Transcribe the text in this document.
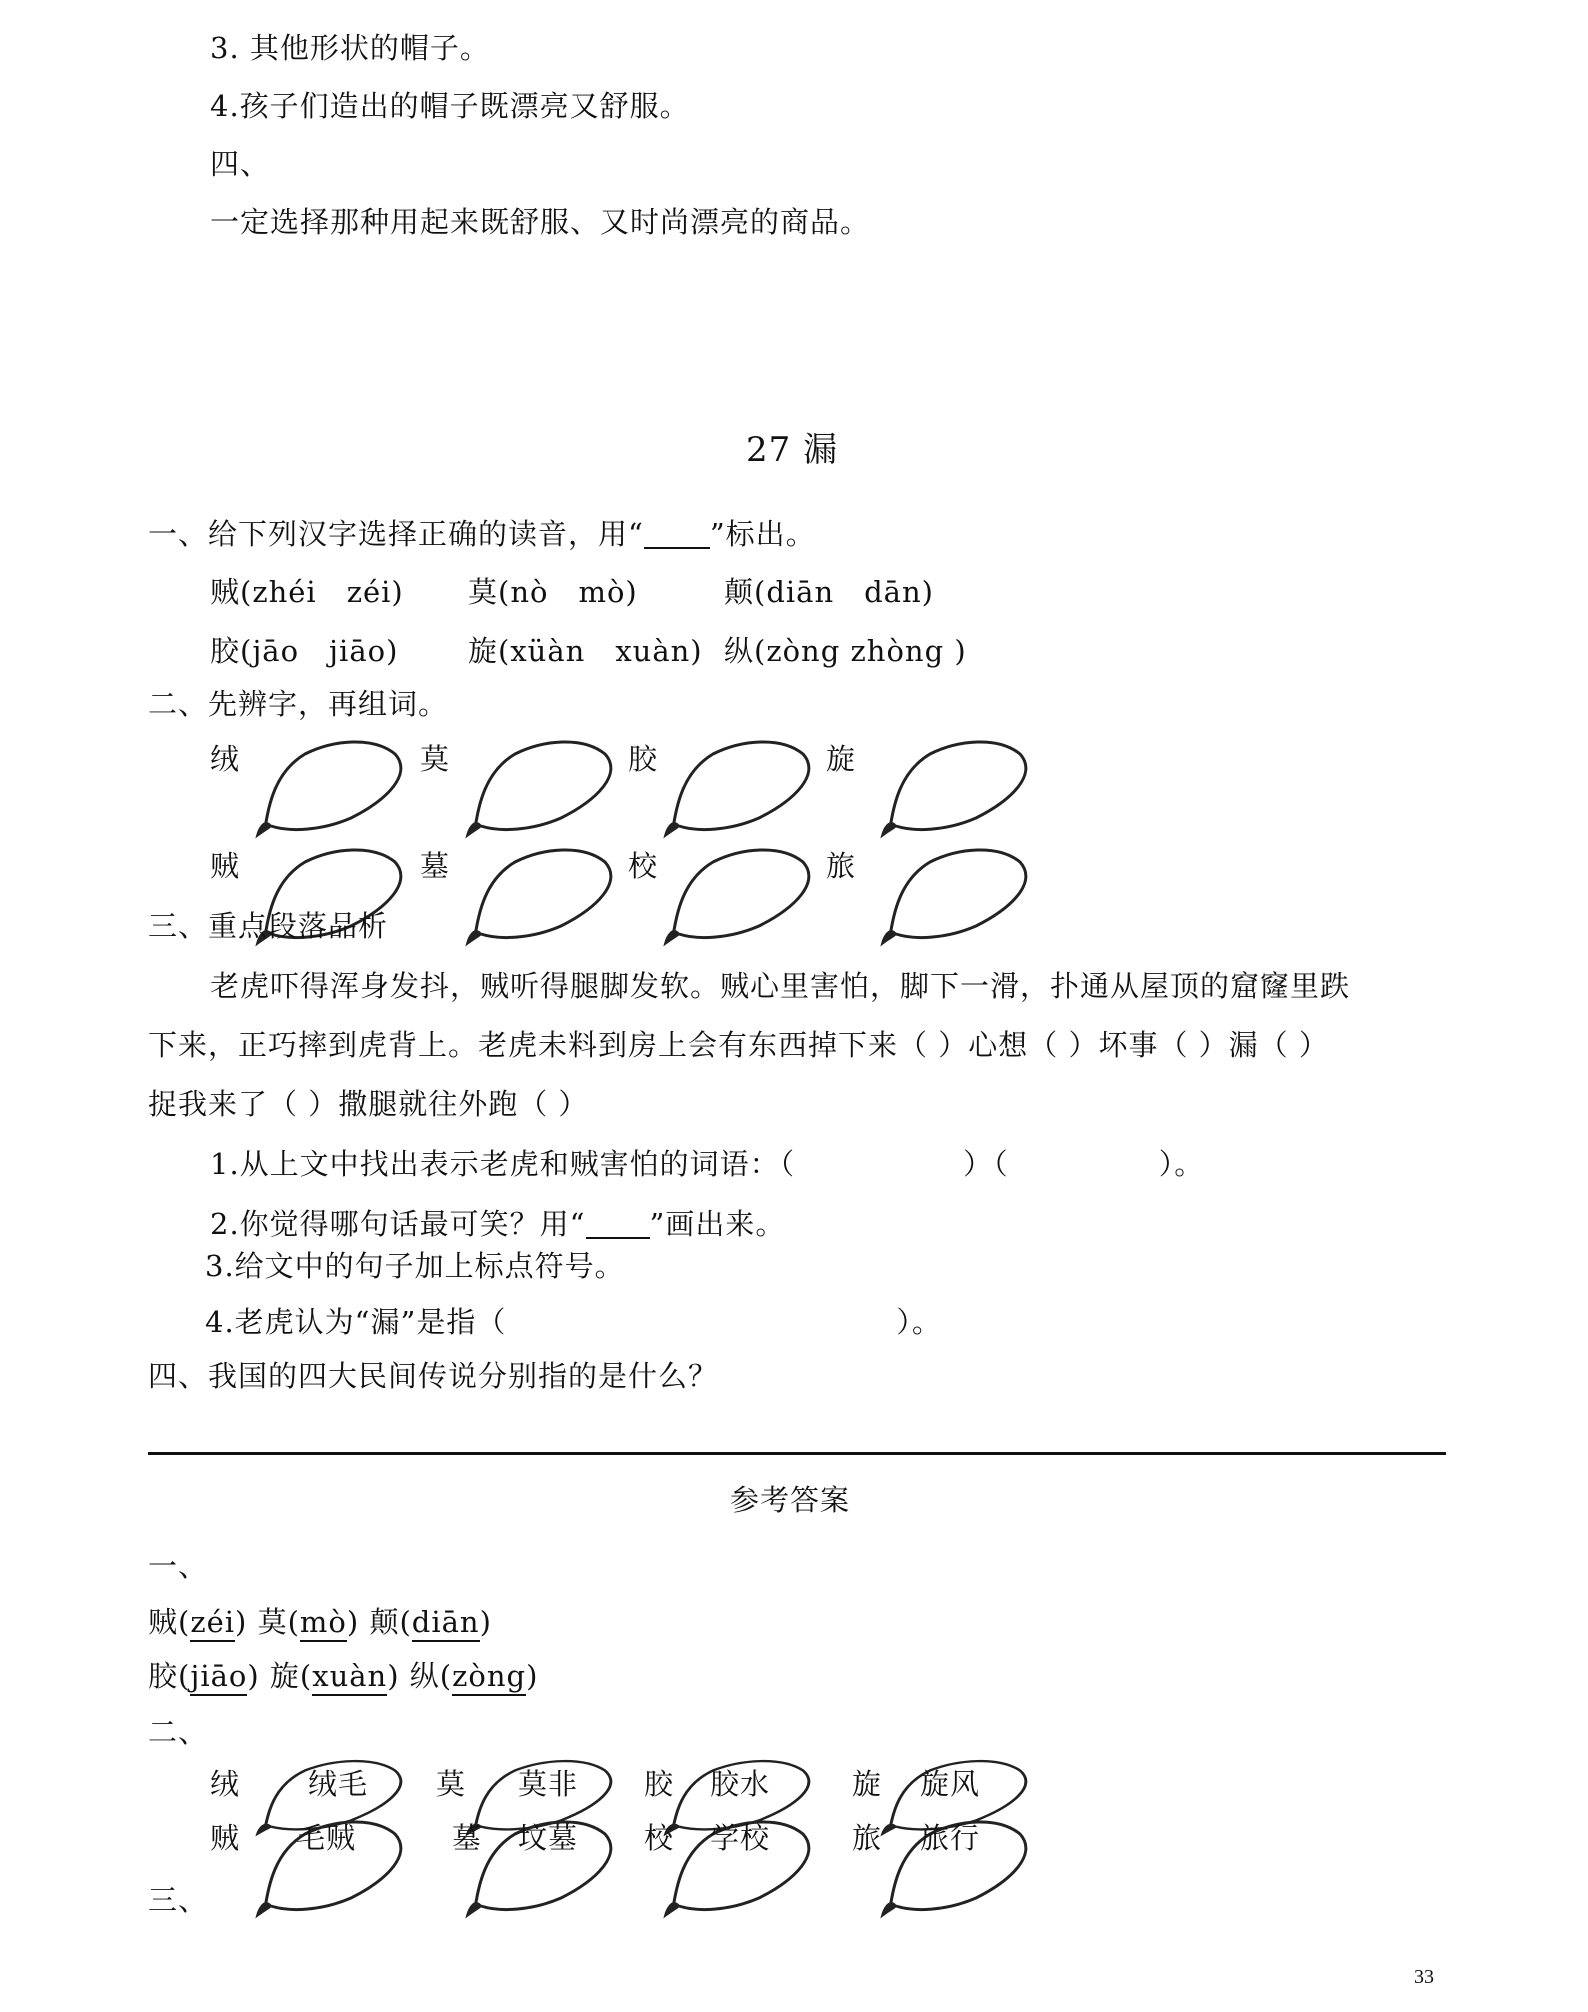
3. 其他形状的帽子。
4.孩子们造出的帽子既漂亮又舒服。
四、
一定选择那种用起来既舒服、又时尚漂亮的商品。
27 漏
一、给下列汉字选择正确的读音，用“ ”标出。
贼(zhéi　zéi) 莫(nò　mò)	颠(diān　dān)
胶(jāo　jiāo) 旋(xüàn　xuàn) 纵(zòng zhòng )
二、先辨字，再组词。
绒	莫	胶	旋
贼	墓	校	旅
三、重点段落品析
老虎吓得浑身发抖，贼听得腿脚发软。贼心里害怕，脚下一滑，扑通从屋顶的窟窿里跌
下来，正巧摔到虎背上。老虎未料到房上会有东西掉下来（ ）心想（ ）坏事（ ）漏（ ）
捉我来了（ ）撒腿就往外跑（ ）
1.从上文中找出表示老虎和贼害怕的词语：（	）（	）。
2.你觉得哪句话最可笑？用“ ”画出来。
3.给文中的句子加上标点符号。
4.老虎认为“漏”是指（	）。
四、我国的四大民间传说分别指的是什么？
参考答案
一、
贼(zéi) 莫(mò) 颠(diān)
胶(jiāo) 旋(xuàn) 纵(zòng)
二、
绒 绒毛 莫 莫非 胶 胶水	旋 旋风
贼 毛贼	墓 坟墓 校 学校	旅 旅行
三、
33
